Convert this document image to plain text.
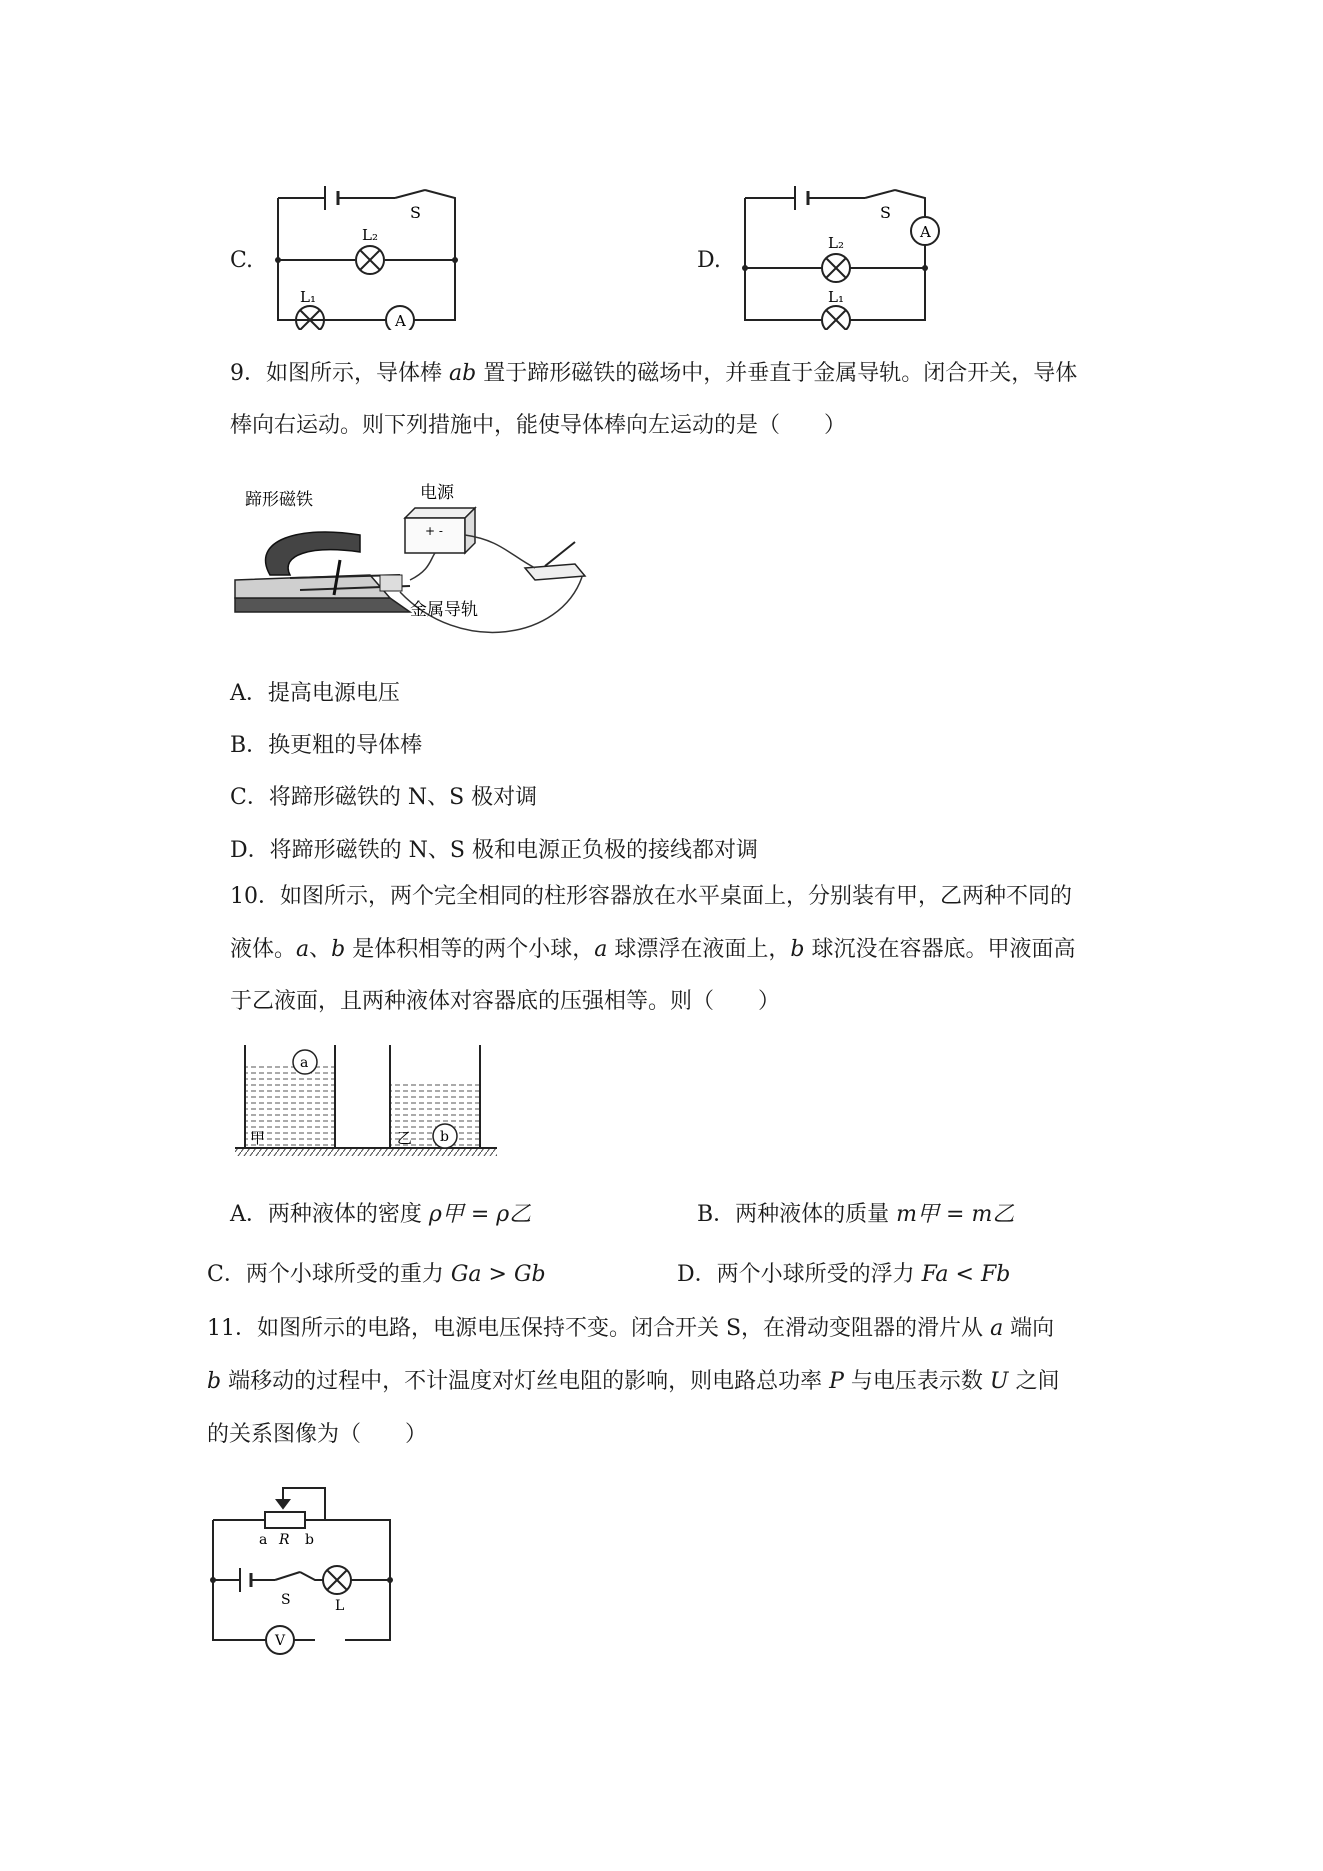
C.
S
L₂
L₁
A
D.
S
A
L₂
L₁
9．如图所示，导体棒 ab 置于蹄形磁铁的磁场中，并垂直于金属导轨。闭合开关，导体
棒向右运动。则下列措施中，能使导体棒向左运动的是（　　）
+ -
蹄形磁铁	电源
金属导轨
A．提高电源电压
B．换更粗的导体棒
C．将蹄形磁铁的 N、S 极对调
D．将蹄形磁铁的 N、S 极和电源正负极的接线都对调
10．如图所示，两个完全相同的柱形容器放在水平桌面上，分别装有甲，乙两种不同的
液体。a、b 是体积相等的两个小球，a 球漂浮在液面上，b 球沉没在容器底。甲液面高
于乙液面，且两种液体对容器底的压强相等。则（　　）
a
b
甲	乙
A．两种液体的密度 ρ甲 = ρ乙	B．两种液体的质量 m甲 = m乙
C．两个小球所受的重力 Ga > Gb	D．两个小球所受的浮力 Fa < Fb
11．如图所示的电路，电源电压保持不变。闭合开关 S，在滑动变阻器的滑片从 a 端向
b 端移动的过程中，不计温度对灯丝电阻的影响，则电路总功率 P 与电压表示数 U 之间
的关系图像为（　　）
a R b
S	L
V
